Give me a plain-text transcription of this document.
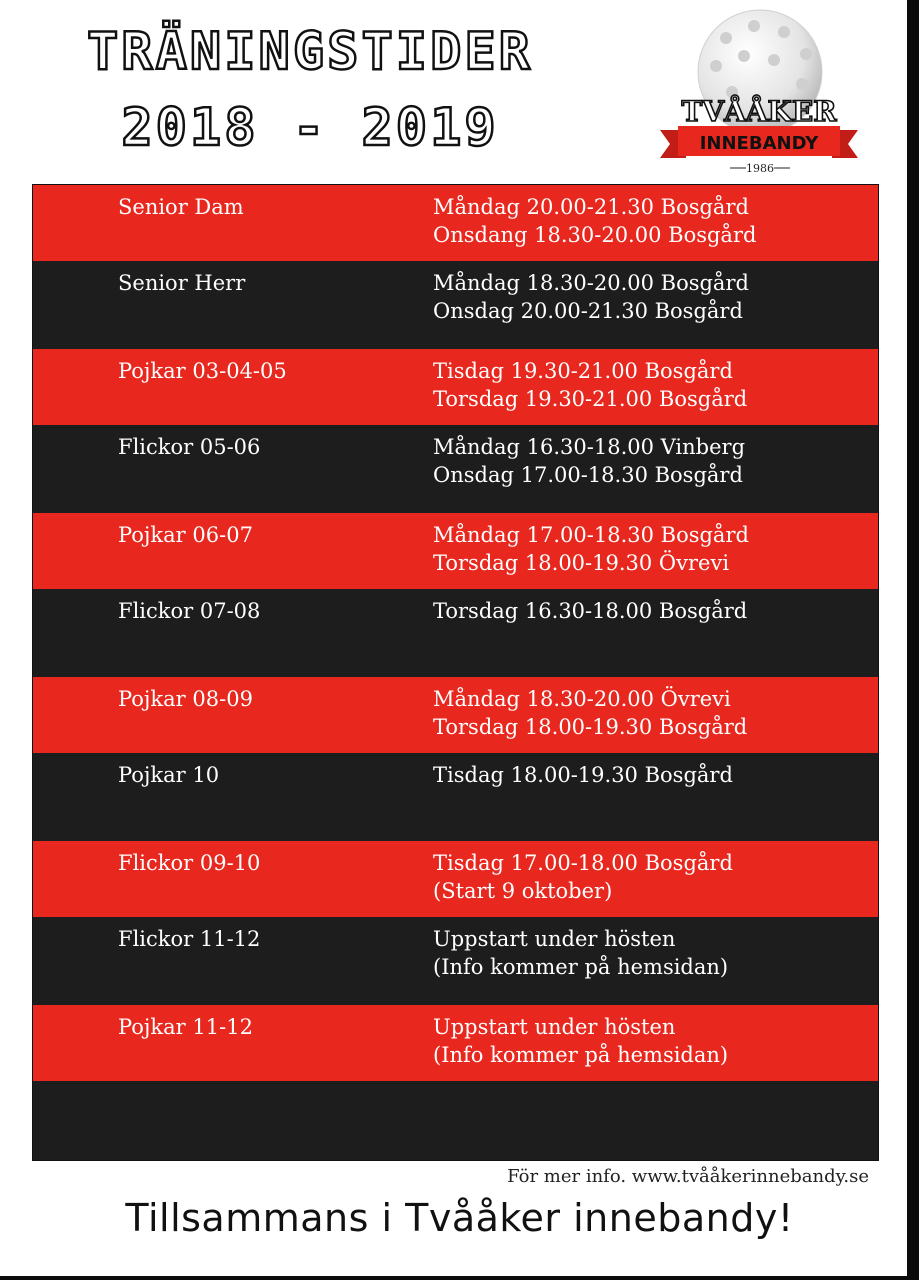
TRÄNINGSTIDER
2018 - 2019	TVÅÅKER
INNEBANDY
1986
Senior Dam	Måndag 20.00-21.30 Bosgård
Onsdang 18.30-20.00 Bosgård
Senior Herr	Måndag 18.30-20.00 Bosgård
Onsdag 20.00-21.30 Bosgård
Pojkar 03-04-05	Tisdag 19.30-21.00 Bosgård
Torsdag 19.30-21.00 Bosgård
Flickor 05-06	Måndag 16.30-18.00 Vinberg
Onsdag 17.00-18.30 Bosgård
Pojkar 06-07	Måndag 17.00-18.30 Bosgård
Torsdag 18.00-19.30 Övrevi
Flickor 07-08	Torsdag 16.30-18.00 Bosgård
Pojkar 08-09	Måndag 18.30-20.00 Övrevi
Torsdag 18.00-19.30 Bosgård
Pojkar 10	Tisdag 18.00-19.30 Bosgård
Flickor 09-10	Tisdag 17.00-18.00 Bosgård
(Start 9 oktober)
Flickor 11-12	Uppstart under hösten
(Info kommer på hemsidan)
Pojkar 11-12	Uppstart under hösten
(Info kommer på hemsidan)
För mer info. www.tvååkerinnebandy.se
Tillsammans i Tvååker innebandy!
